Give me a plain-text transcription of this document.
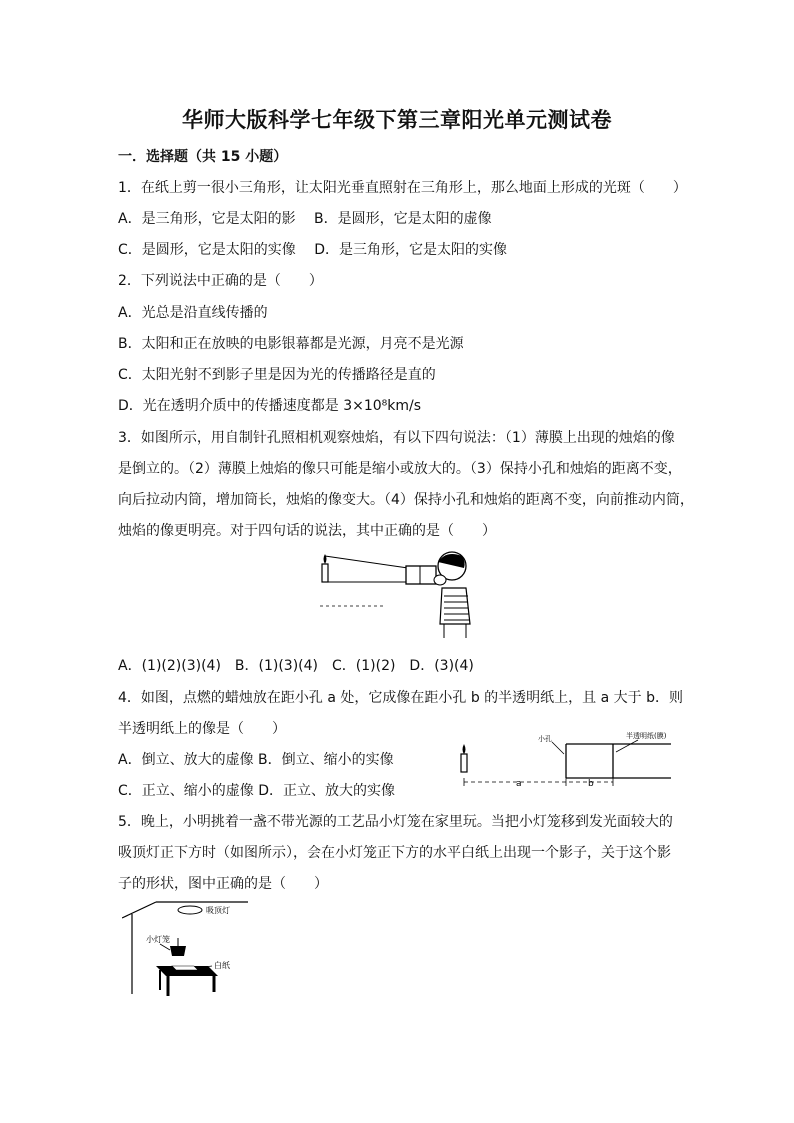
华师大版科学七年级下第三章阳光单元测试卷
一．选择题（共 15 小题）
1．在纸上剪一很小三角形，让太阳光垂直照射在三角形上，那么地面上形成的光斑（　　）
A．是三角形，它是太阳的影　 B．是圆形，它是太阳的虚像
C．是圆形，它是太阳的实像　 D．是三角形，它是太阳的实像
2．下列说法中正确的是（　　）
A．光总是沿直线传播的
B．太阳和正在放映的电影银幕都是光源，月亮不是光源
C．太阳光射不到影子里是因为光的传播路径是直的
D．光在透明介质中的传播速度都是 3×10⁸km/s
3．如图所示，用自制针孔照相机观察烛焰，有以下四句说法：（1）薄膜上出现的烛焰的像
是倒立的。（2）薄膜上烛焰的像只可能是缩小或放大的。（3）保持小孔和烛焰的距离不变，
向后拉动内筒，增加筒长，烛焰的像变大。（4）保持小孔和烛焰的距离不变，向前推动内筒，
烛焰的像更明亮。对于四句话的说法，其中正确的是（　　）
A．(1)(2)(3)(4)　B．(1)(3)(4)　C．(1)(2)　D．(3)(4)
4．如图，点燃的蜡烛放在距小孔 a 处，它成像在距小孔 b 的半透明纸上，且 a 大于 b．则
半透明纸上的像是（　　）
A．倒立、放大的虚像 B．倒立、缩小的实像
C．正立、缩小的虚像 D．正立、放大的实像	a	b
小孔	半透明纸(膜)
5．晚上，小明挑着一盏不带光源的工艺品小灯笼在家里玩。当把小灯笼移到发光面较大的
吸顶灯正下方时（如图所示），会在小灯笼正下方的水平白纸上出现一个影子，关于这个影
子的形状，图中正确的是（　　）
吸顶灯
小灯笼
白纸
